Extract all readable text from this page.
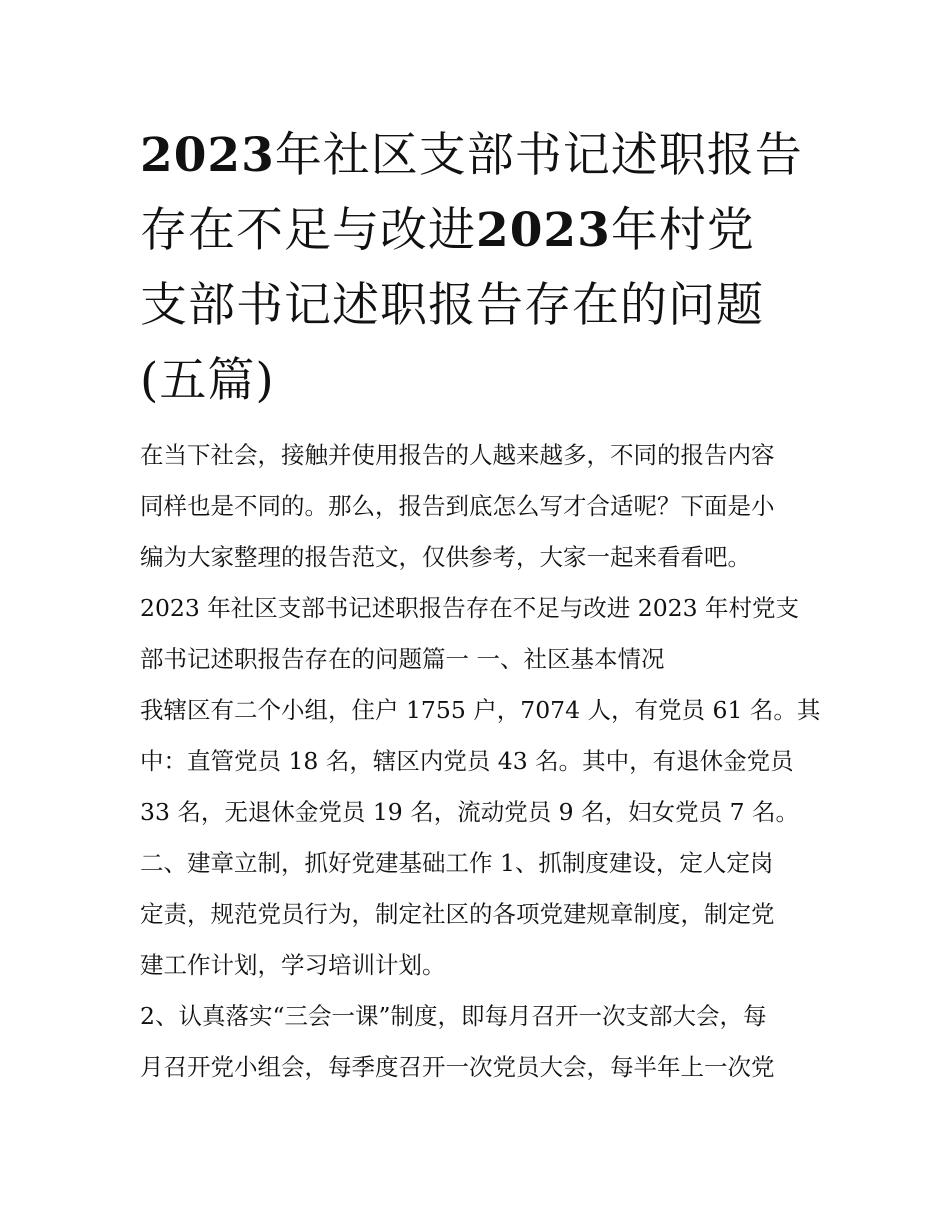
2023年社区支部书记述职报告
存在不足与改进2023年村党
支部书记述职报告存在的问题
(五篇)
在当下社会，接触并使用报告的人越来越多，不同的报告内容
同样也是不同的。那么，报告到底怎么写才合适呢？下面是小
编为大家整理的报告范文，仅供参考，大家一起来看看吧。
2023 年社区支部书记述职报告存在不足与改进 2023 年村党支
部书记述职报告存在的问题篇一 一、社区基本情况
我辖区有二个小组，住户 1755 户，7074 人，有党员 61 名。其
中：直管党员 18 名，辖区内党员 43 名。其中，有退休金党员
33 名，无退休金党员 19 名，流动党员 9 名，妇女党员 7 名。
二、建章立制，抓好党建基础工作 1、抓制度建设，定人定岗
定责，规范党员行为，制定社区的各项党建规章制度，制定党
建工作计划，学习培训计划。
2、认真落实“三会一课”制度，即每月召开一次支部大会，每
月召开党小组会，每季度召开一次党员大会，每半年上一次党
